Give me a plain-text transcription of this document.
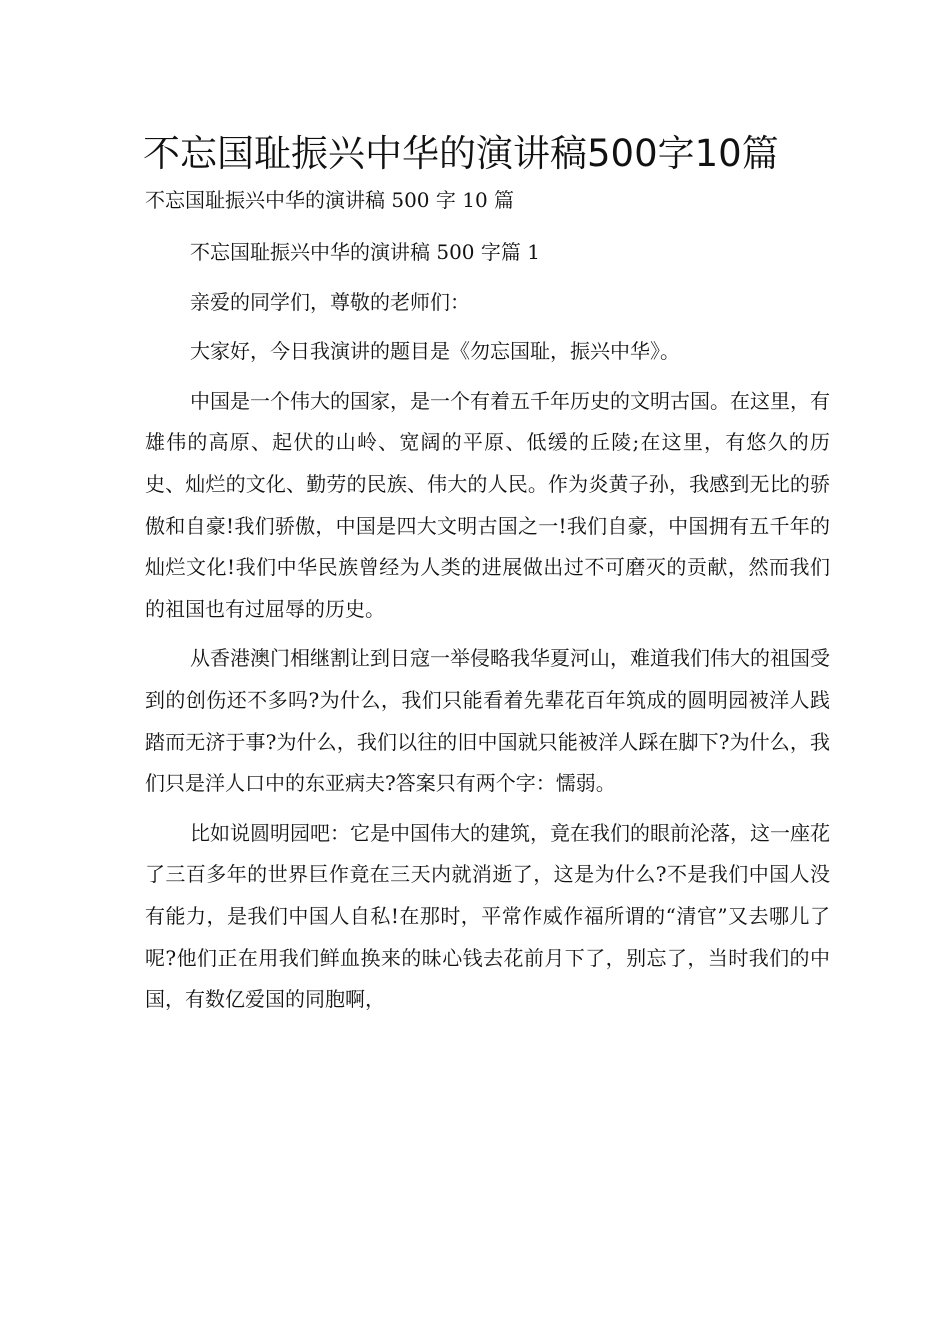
不忘国耻振兴中华的演讲稿500字10篇
不忘国耻振兴中华的演讲稿 500 字 10 篇

不忘国耻振兴中华的演讲稿 500 字篇 1

亲爱的同学们，尊敬的老师们：

大家好，今日我演讲的题目是《勿忘国耻，振兴中华》。

中国是一个伟大的国家，是一个有着五千年历史的文明古国。在这里，有雄伟的高原、起伏的山岭、宽阔的平原、低缓的丘陵;在这里，有悠久的历史、灿烂的文化、勤劳的民族、伟大的人民。作为炎黄子孙，我感到无比的骄傲和自豪!我们骄傲，中国是四大文明古国之一!我们自豪，中国拥有五千年的灿烂文化!我们中华民族曾经为人类的进展做出过不可磨灭的贡献，然而我们的祖国也有过屈辱的历史。

从香港澳门相继割让到日寇一举侵略我华夏河山，难道我们伟大的祖国受到的创伤还不多吗?为什么，我们只能看着先辈花百年筑成的圆明园被洋人践踏而无济于事?为什么，我们以往的旧中国就只能被洋人踩在脚下?为什么，我们只是洋人口中的东亚病夫?答案只有两个字：懦弱。

比如说圆明园吧：它是中国伟大的建筑，竟在我们的眼前沦落，这一座花了三百多年的世界巨作竟在三天内就消逝了，这是为什么?不是我们中国人没有能力，是我们中国人自私!在那时，平常作威作福所谓的“清官”又去哪儿了呢?他们正在用我们鲜血换来的昧心钱去花前月下了，别忘了，当时我们的中国，有数亿爱国的同胞啊，
